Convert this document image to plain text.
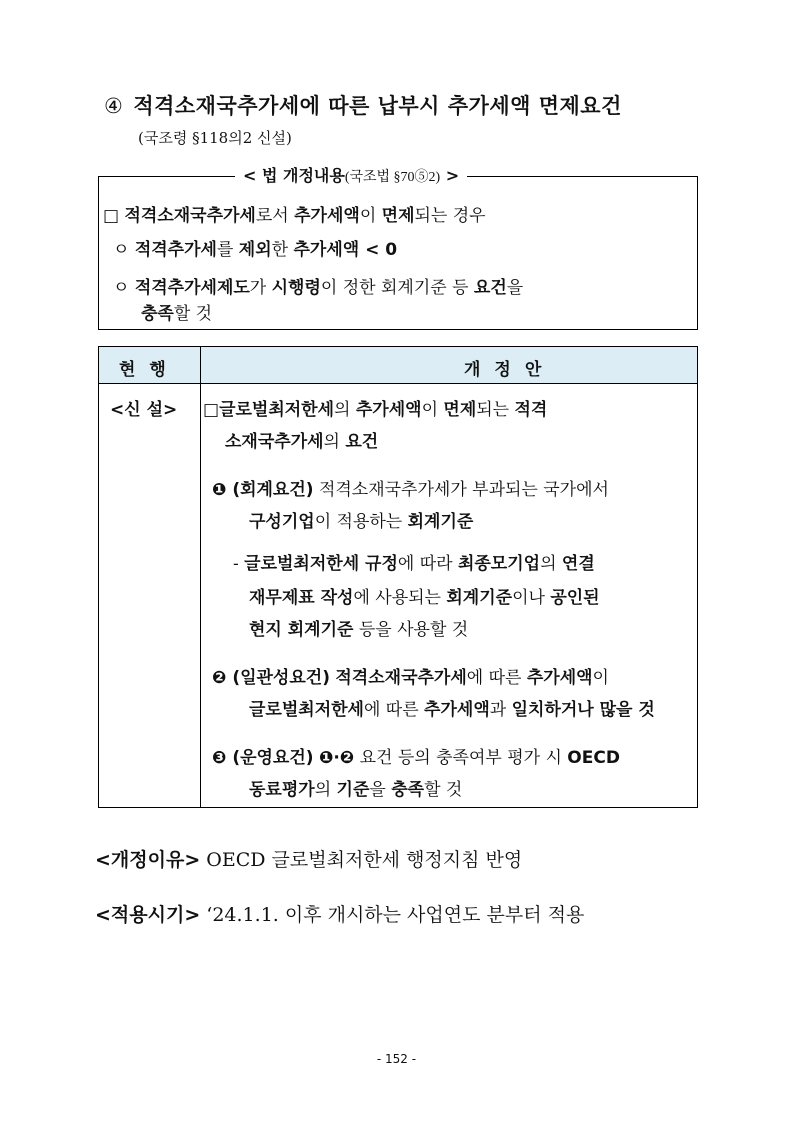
④ 적격소재국추가세에 따른 납부시 추가세액 면제요건
(국조령 §118의2 신설)
□ 적격소재국추가세로서 추가세액이 면제되는 경우
ㅇ 적격추가세를 제외한 추가세액 < 0
ㅇ 적격추가세제도가 시행령이 정한 회계기준 등 요건을
충족할 것
< 법 개정내용(국조법 §70⑤2) >
현행	개정안
<신 설> □글로벌최저한세의 추가세액이 면제되는 적격
소재국추가세의 요건
❶ (회계요건) 적격소재국추가세가 부과되는 국가에서
구성기업이 적용하는 회계기준
- 글로벌최저한세 규정에 따라 최종모기업의 연결
재무제표 작성에 사용되는 회계기준이나 공인된
현지 회계기준 등을 사용할 것
❷ (일관성요건) 적격소재국추가세에 따른 추가세액이
글로벌최저한세에 따른 추가세액과 일치하거나 많을 것
❸ (운영요건) ❶·❷ 요건 등의 충족여부 평가 시 OECD
동료평가의 기준을 충족할 것
<개정이유> OECD 글로벌최저한세 행정지침 반영
<적용시기> ‘24.1.1. 이후 개시하는 사업연도 분부터 적용
- 152 -
